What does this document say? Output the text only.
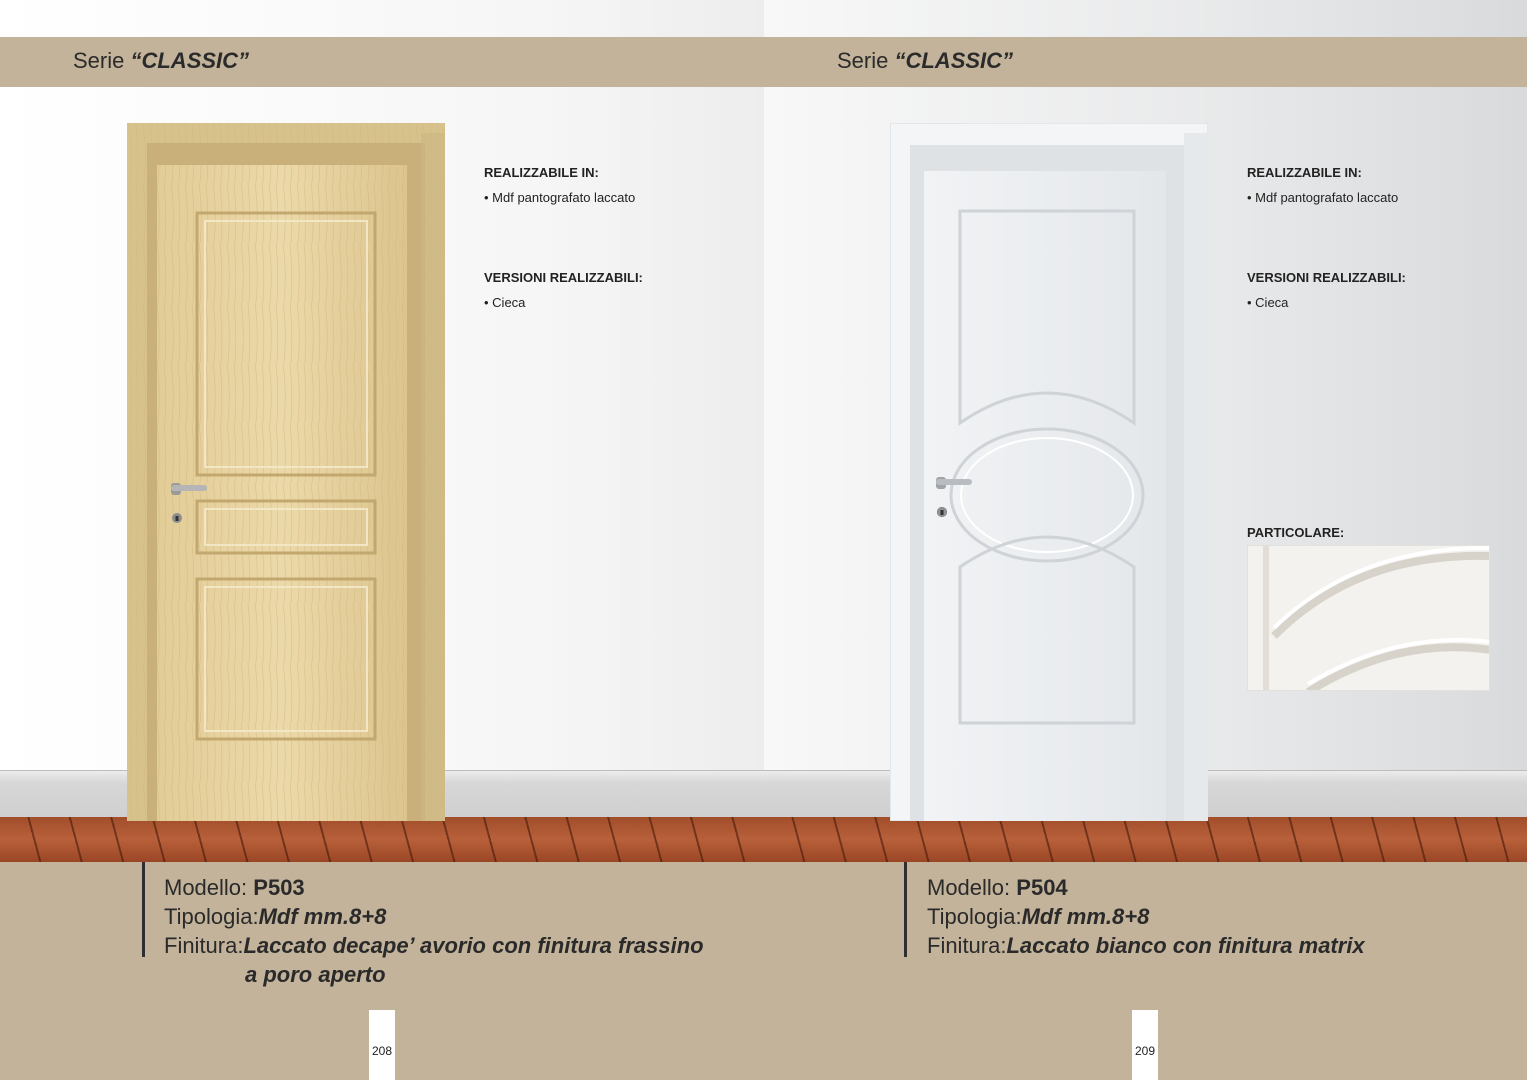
Serie “CLASSIC”
REALIZZABILE IN:
• Mdf pantografato laccato
VERSIONI REALIZZABILI:
• Cieca
Modello: P503
Tipologia:Mdf mm.8+8
Finitura:Laccato decape’ avorio con finitura frassino
a poro aperto
208
Serie “CLASSIC”
REALIZZABILE IN:
• Mdf pantografato laccato
VERSIONI REALIZZABILI:
• Cieca
PARTICOLARE:
Modello: P504
Tipologia:Mdf mm.8+8
Finitura:Laccato bianco con finitura matrix
209
